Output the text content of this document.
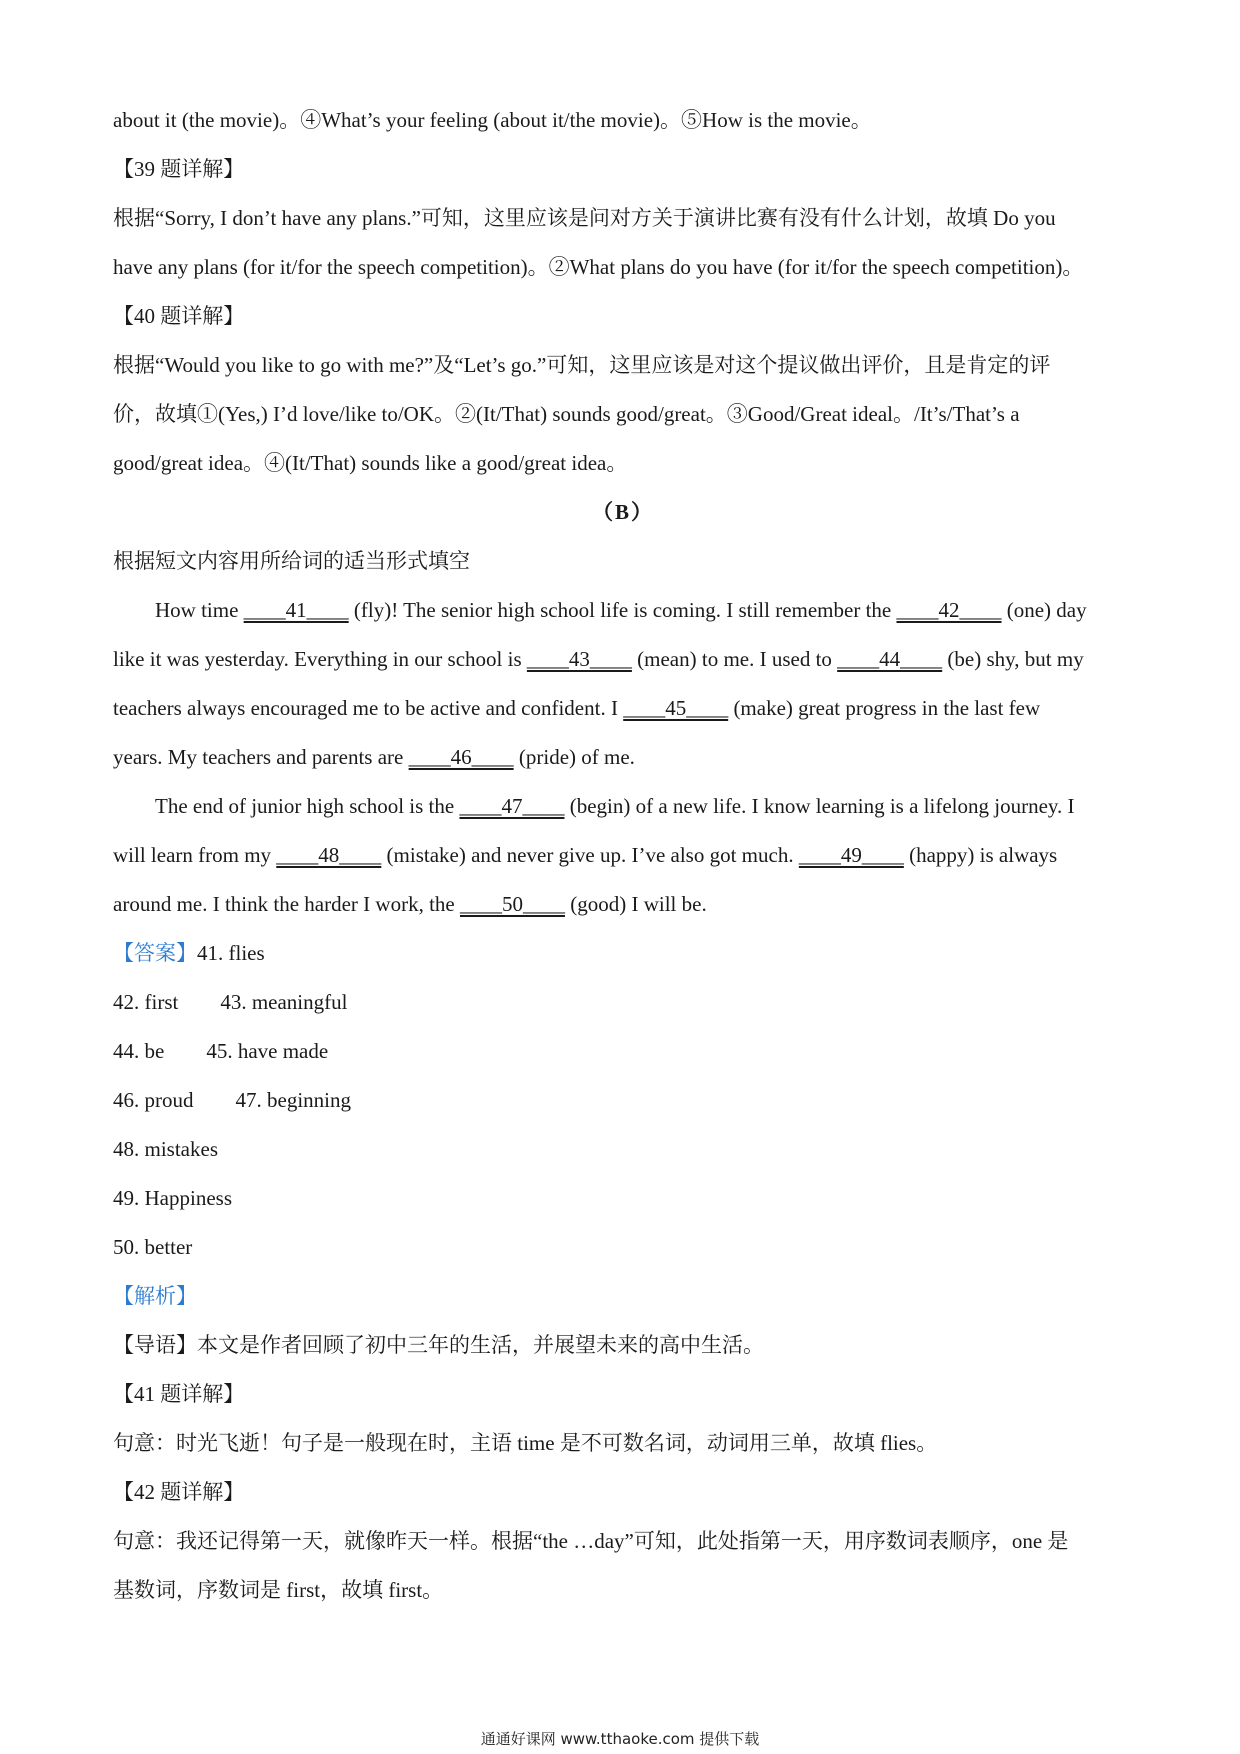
about it (the movie)。④What’s your feeling (about it/the movie)。⑤How is the movie。
【39 题详解】
根据“Sorry, I don’t have any plans.”可知，这里应该是问对方关于演讲比赛有没有什么计划，故填 Do you
have any plans (for it/for the speech competition)。②What plans do you have (for it/for the speech competition)。
【40 题详解】
根据“Would you like to go with me?”及“Let’s go.”可知，这里应该是对这个提议做出评价，且是肯定的评
价，故填①(Yes,) I’d love/like to/OK。②(It/That) sounds good/great。③Good/Great ideal。/It’s/That’s a
good/great idea。④(It/That) sounds like a good/great idea。
（B）
根据短文内容用所给词的适当形式填空
How time ____41____ (fly)! The senior high school life is coming. I still remember the ____42____ (one) day
like it was yesterday. Everything in our school is ____43____ (mean) to me. I used to ____44____ (be) shy, but my
teachers always encouraged me to be active and confident. I ____45____ (make) great progress in the last few
years. My teachers and parents are ____46____ (pride) of me.
The end of junior high school is the ____47____ (begin) of a new life. I know learning is a lifelong journey. I
will learn from my ____48____ (mistake) and never give up. I’ve also got much. ____49____ (happy) is always
around me. I think the harder I work, the ____50____ (good) I will be.
【答案】41. flies
42. first 43. meaningful
44. be 45. have made
46. proud 47. beginning
48. mistakes
49. Happiness
50. better
【解析】
【导语】本文是作者回顾了初中三年的生活，并展望未来的高中生活。
【41 题详解】
句意：时光飞逝！句子是一般现在时，主语 time 是不可数名词，动词用三单，故填 flies。
【42 题详解】
句意：我还记得第一天，就像昨天一样。根据“the …day”可知，此处指第一天，用序数词表顺序，one 是
基数词，序数词是 first，故填 first。
通通好课网 www.tthaoke.com 提供下载
